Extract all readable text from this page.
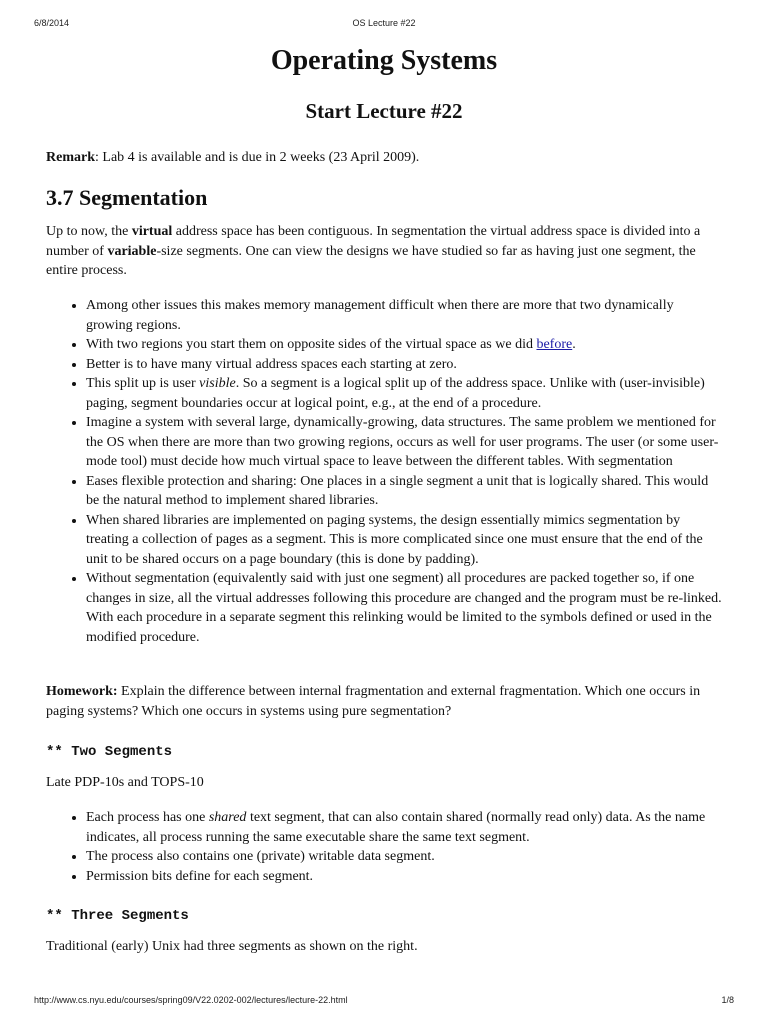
6/8/2014	OS Lecture #22
Operating Systems
Start Lecture #22

Remark: Lab 4 is available and is due in 2 weeks (23 April 2009).

3.7 Segmentation

Up to now, the virtual address space has been contiguous. In segmentation the virtual address space is divided into a number of variable-size segments. One can view the designs we have studied so far as having just one segment, the entire process.

• Among other issues this makes memory management difficult when there are more that two dynamically growing regions.
• With two regions you start them on opposite sides of the virtual space as we did before.
• Better is to have many virtual address spaces each starting at zero.
• This split up is user visible. So a segment is a logical split up of the address space. Unlike with (user-invisible) paging, segment boundaries occur at logical point, e.g., at the end of a procedure.
• Imagine a system with several large, dynamically-growing, data structures. The same problem we mentioned for the OS when there are more than two growing regions, occurs as well for user programs. The user (or some user-mode tool) must decide how much virtual space to leave between the different tables. With segmentation
• Eases flexible protection and sharing: One places in a single segment a unit that is logically shared. This would be the natural method to implement shared libraries.
• When shared libraries are implemented on paging systems, the design essentially mimics segmentation by treating a collection of pages as a segment. This is more complicated since one must ensure that the end of the unit to be shared occurs on a page boundary (this is done by padding).
• Without segmentation (equivalently said with just one segment) all procedures are packed together so, if one changes in size, all the virtual addresses following this procedure are changed and the program must be re-linked. With each procedure in a separate segment this relinking would be limited to the symbols defined or used in the modified procedure.

Homework: Explain the difference between internal fragmentation and external fragmentation. Which one occurs in paging systems? Which one occurs in systems using pure segmentation?

** Two Segments

Late PDP-10s and TOPS-10

• Each process has one shared text segment, that can also contain shared (normally read only) data. As the name indicates, all process running the same executable share the same text segment.
• The process also contains one (private) writable data segment.
• Permission bits define for each segment.
** Three Segments

Traditional (early) Unix had three segments as shown on the right.

http://www.cs.nyu.edu/courses/spring09/V22.0202-002/lectures/lecture-22.html	1/8
